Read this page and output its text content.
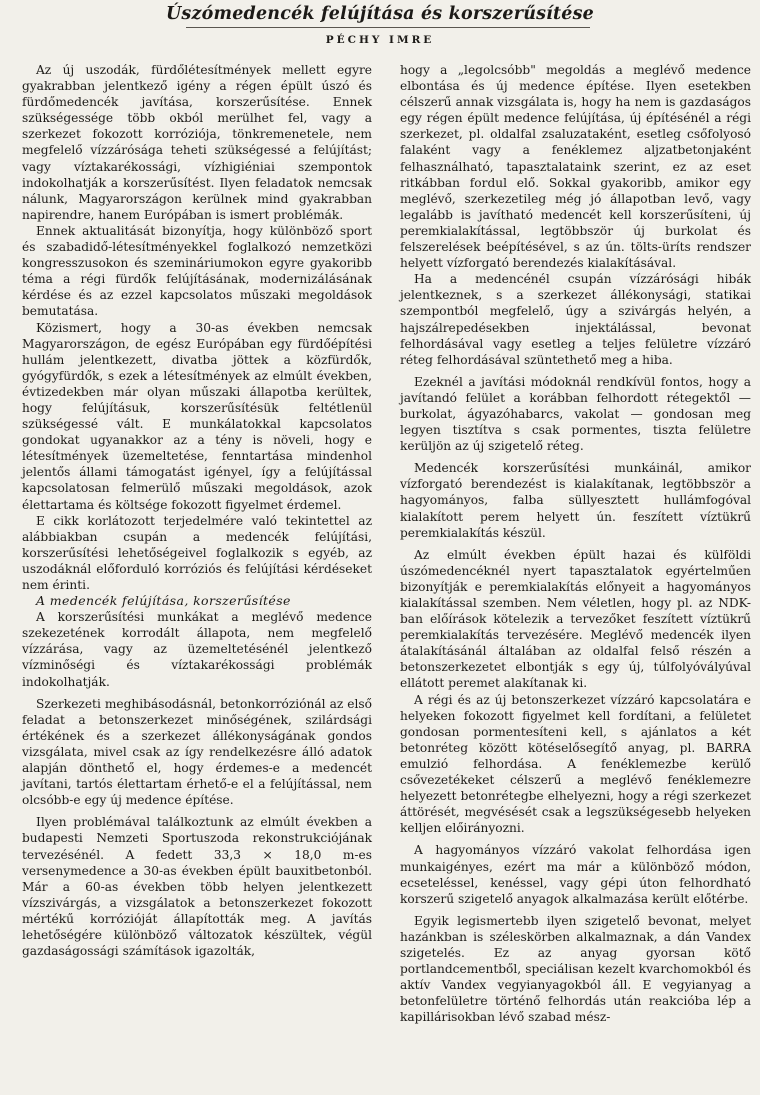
Úszómedencék felújítása és korszerűsítése
PÉCHY IMRE

Az új uszodák, fürdőlétesítmények mellett egyre gyakrabban jelentkező igény a régen épült úszó és fürdőmedencék javítása, korszerűsítése. Ennek szükségessége több okból merülhet fel, vagy a szerkezet fokozott korróziója, tönkremenetele, nem megfelelő vízzárósága teheti szükségessé a felújítást; vagy víztakarékossági, vízhigiéniai szempontok indokolhatják a korszerűsítést. Ilyen feladatok nemcsak nálunk, Magyarországon kerülnek mind gyakrabban napirendre, hanem Európában is ismert problémák.

Ennek aktualitását bizonyítja, hogy különböző sport és szabadidő-létesítményekkel foglalkozó nemzetközi kongresszusokon és szemináriumokon egyre gyakoribb téma a régi fürdők felújításának, modernizálásának kérdése és az ezzel kapcsolatos műszaki megoldások bemutatása.

Közismert, hogy a 30-as években nemcsak Magyarországon, de egész Európában egy fürdőépítési hullám jelentkezett, divatba jöttek a közfürdők, gyógyfürdők, s ezek a létesítmények az elmúlt években, évtizedekben már olyan műszaki állapotba kerültek, hogy felújításuk, korszerűsítésük feltétlenül szükségessé vált. E munkálatokkal kapcsolatos gondokat ugyanakkor az a tény is növeli, hogy e létesítmények üzemeltetése, fenntartása mindenhol jelentős állami támogatást igényel, így a felújítással kapcsolatosan felmerülő műszaki megoldások, azok élettartama és költsége fokozott figyelmet érdemel.

E cikk korlátozott terjedelmére való tekintettel az alábbiakban csupán a medencék felújítási, korszerűsítési lehetőségeivel foglalkozik s egyéb, az uszodáknál előforduló korróziós és felújítási kérdéseket nem érinti.

A medencék felújítása, korszerűsítése

A korszerűsítési munkákat a meglévő medence szekezetének korrodált állapota, nem megfelelő vízzárása, vagy az üzemeltetésénél jelentkező vízminőségi és víztakarékossági problémák indokolhatják.

Szerkezeti meghibásodásnál, betonkorróziónál az első feladat a betonszerkezet minőségének, szilárdsági értékének és a szerkezet állékonyságának gondos vizsgálata, mivel csak az így rendelkezésre álló adatok alapján dönthető el, hogy érdemes-e a medencét javítani, tartós élettartam érhető-e el a felújítással, nem olcsóbb-e egy új medence építése.

Ilyen problémával találkoztunk az elmúlt években a budapesti Nemzeti Sportuszoda rekonstrukciójának tervezésénél. A fedett 33,3 × 18,0 m-es versenymedence a 30-as években épült bauxitbetonból. Már a 60-as években több helyen jelentkezett vízszivárgás, a vizsgálatok a betonszerkezet fokozott mértékű korrózióját állapították meg. A javítás lehetőségére különböző változatok készültek, végül gazdaságossági számítások igazolták,

hogy a „legolcsóbb" megoldás a meglévő medence elbontása és új medence építése. Ilyen esetekben célszerű annak vizsgálata is, hogy ha nem is gazdaságos egy régen épült medence felújítása, új építésénél a régi szerkezet, pl. oldalfal zsaluzataként, esetleg csőfolyosó falaként vagy a fenéklemez aljzatbetonjaként felhasználható, tapasztalataink szerint, ez az eset ritkábban fordul elő. Sokkal gyakoribb, amikor egy meglévő, szerkezetileg még jó állapotban levő, vagy legalább is javítható medencét kell korszerűsíteni, új peremkialakítással, legtöbbször új burkolat és felszerelések beépítésével, s az ún. tölts-üríts rendszer helyett vízforgató berendezés kialakításával.

Ha a medencénél csupán vízzárósági hibák jelentkeznek, s a szerkezet állékonysági, statikai szempontból megfelelő, úgy a szivárgás helyén, a hajszálrepedésekben injektálással, bevonat felhordásával vagy esetleg a teljes felületre vízzáró réteg felhordásával szüntethető meg a hiba.

Ezeknél a javítási módoknál rendkívül fontos, hogy a javítandó felület a korábban felhordott rétegektől — burkolat, ágyazóhabarcs, vakolat — gondosan meg legyen tisztítva s csak pormentes, tiszta felületre kerüljön az új szigetelő réteg.

Medencék korszerűsítési munkáinál, amikor vízforgató berendezést is kialakítanak, legtöbbször a hagyományos, falba süllyesztett hullámfogóval kialakított perem helyett ún. feszített víztükrű peremkialakítás készül.

Az elmúlt években épült hazai és külföldi úszómedencéknél nyert tapasztalatok egyértelműen bizonyítják e peremkialakítás előnyeit a hagyományos kialakítással szemben. Nem véletlen, hogy pl. az NDK-ban előírások kötelezik a tervezőket feszített víztükrű peremkialakítás tervezésére. Meglévő medencék ilyen átalakításánál általában az oldalfal felső részén a betonszerkezetet elbontják s egy új, túlfolyóvályúval ellátott peremet alakítanak ki.

A régi és az új betonszerkezet vízzáró kapcsolatára e helyeken fokozott figyelmet kell fordítani, a felületet gondosan pormentesíteni kell, s ajánlatos a két betonréteg között kötéselősegítő anyag, pl. BARRA emulzió felhordása. A fenéklemezbe kerülő csővezetékeket célszerű a meglévő fenéklemezre helyezett betonrétegbe elhelyezni, hogy a régi szerkezet áttörését, megvésését csak a legszükségesebb helyeken kelljen előirányozni.

A hagyományos vízzáró vakolat felhordása igen munkaigényes, ezért ma már a különböző módon, ecseteléssel, kenéssel, vagy gépi úton felhordható korszerű szigetelő anyagok alkalmazása került előtérbe.

Egyik legismertebb ilyen szigetelő bevonat, melyet hazánkban is széleskörben alkalmaznak, a dán Vandex szigetelés. Ez az anyag gyorsan kötő portlandcementből, speciálisan kezelt kvarchomokból és aktív Vandex vegyianyagokból áll. E vegyianyag a betonfelületre történő felhordás után reakcióba lép a kapillárisokban lévő szabad mész-
